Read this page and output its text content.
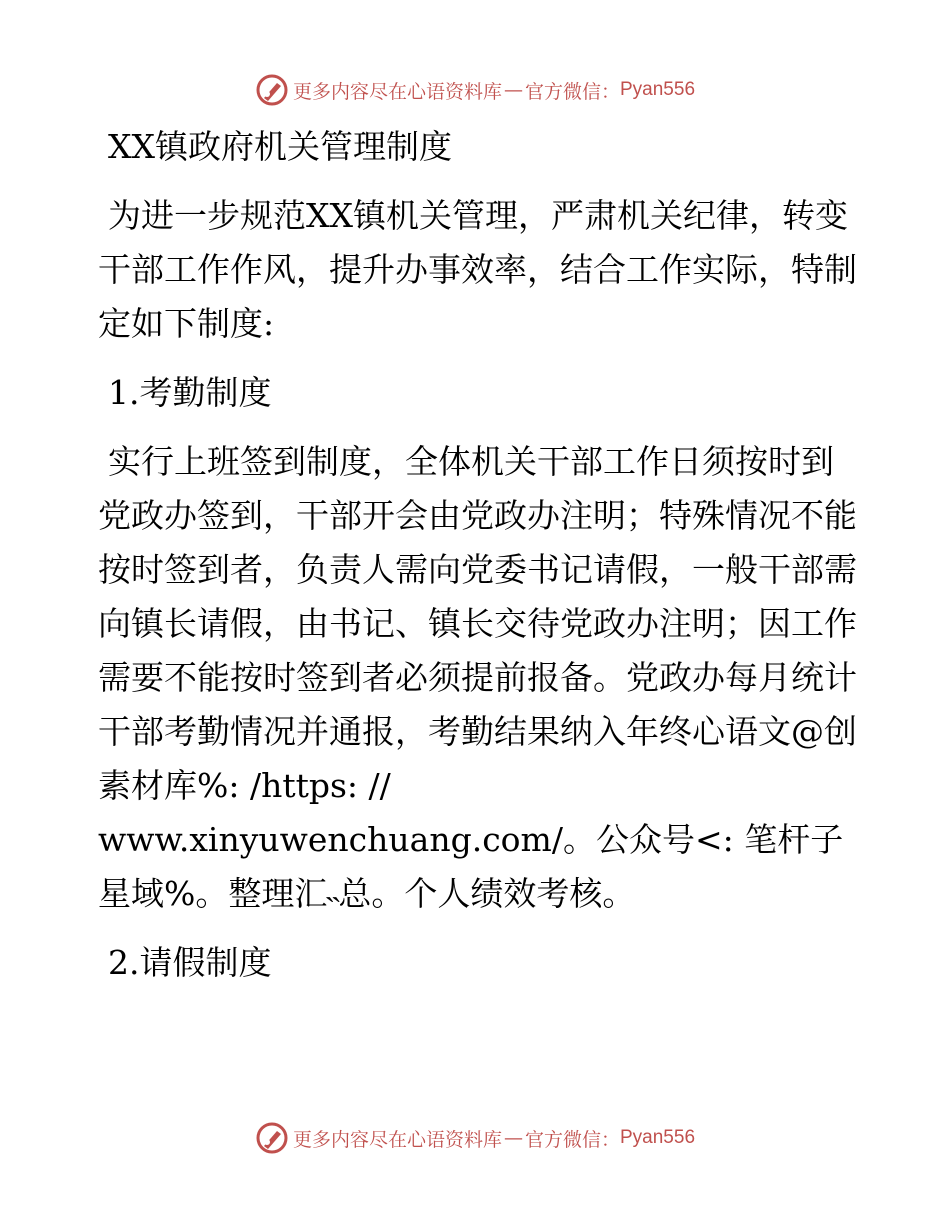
更多内容尽在心语资料库 — 官方微信： Pyan556

XX镇政府机关管理制度

为进一步规范XX镇机关管理，严肃机关纪律，转变干部工作作风，提升办事效率，结合工作实际，特制定如下制度:

1.考勤制度

实行上班签到制度，全体机关干部工作日须按时到党政办签到，干部开会由党政办注明；特殊情况不能按时签到者，负责人需向党委书记请假，一般干部需向镇长请假，由书记、镇长交待党政办注明；因工作需要不能按时签到者必须提前报备。党政办每月统计干部考勤情况并通报，考勤结果纳入年终心语文@创素材库%: /https: // www.xinyuwenchuang.com/。公众号<: 笔杆子星域%。整理汇˵总。个人绩效考核。

2.请假制度

更多内容尽在心语资料库 — 官方微信： Pyan556
